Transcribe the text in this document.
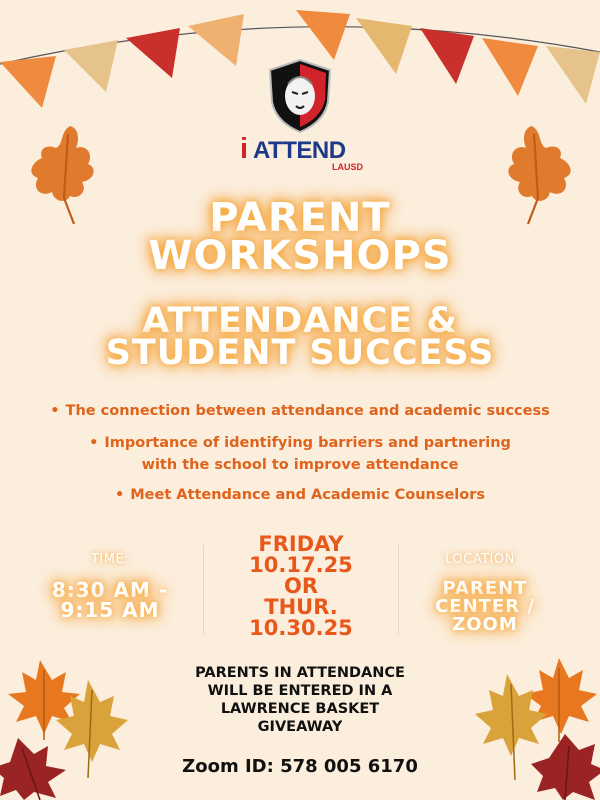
i ATTEND
LAUSD
PARENT
WORKSHOPS
ATTENDANCE &
STUDENT SUCCESS
• The connection between attendance and academic success
• Importance of identifying barriers and partnering
with the school to improve attendance
• Meet Attendance and Academic Counselors
TIME:
8:30 AM -
9:15 AM
FRIDAY
10.17.25
OR
THUR.
10.30.25
LOCATION
PARENT
CENTER /
ZOOM
PARENTS IN ATTENDANCE
WILL BE ENTERED IN A
LAWRENCE BASKET
GIVEAWAY
Zoom ID: 578 005 6170
